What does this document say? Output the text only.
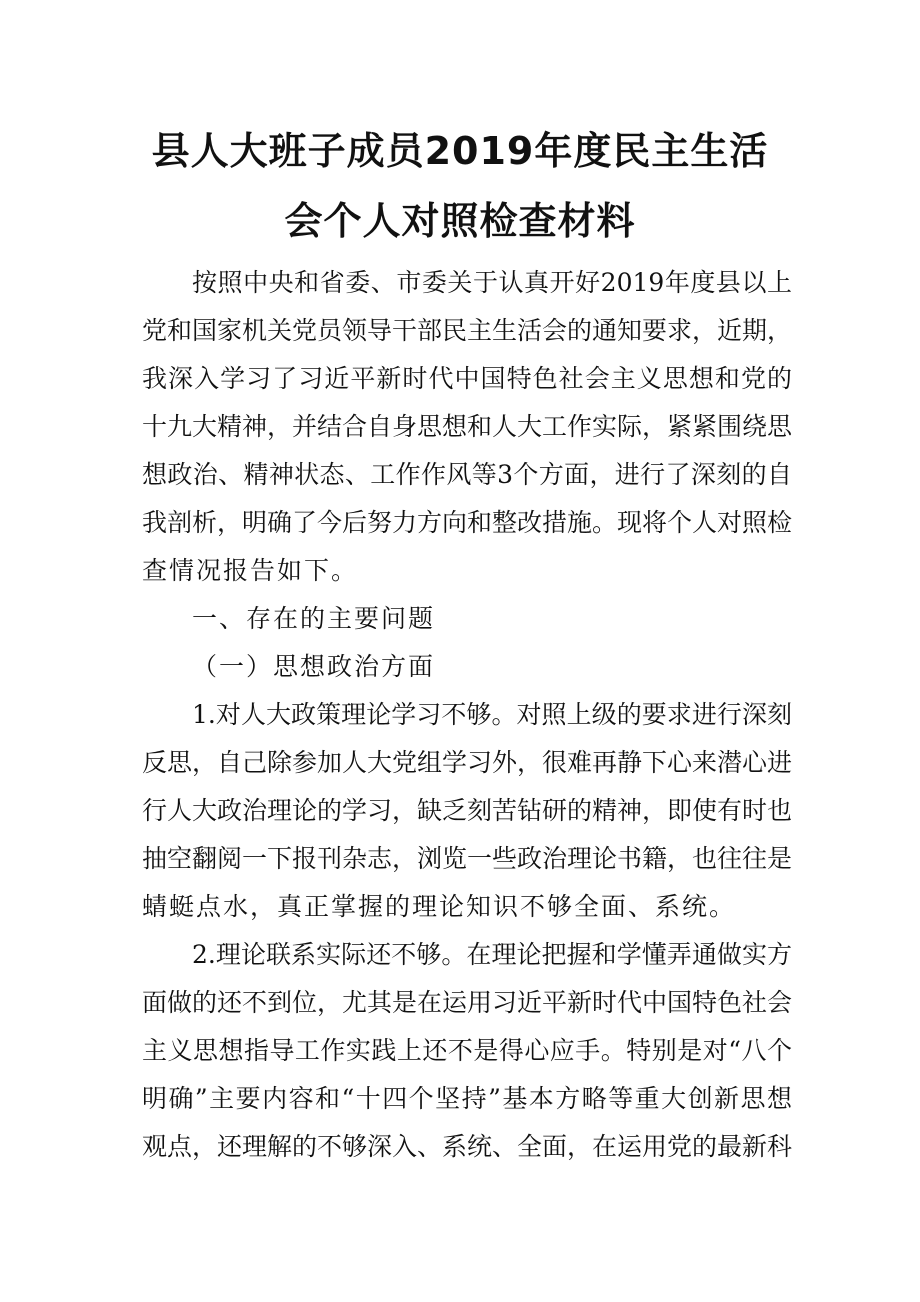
县人大班子成员2019年度民主生活
会个人对照检查材料
按照中央和省委、市委关于认真开好2019年度县以上
党和国家机关党员领导干部民主生活会的通知要求，近期，
我深入学习了习近平新时代中国特色社会主义思想和党的
十九大精神，并结合自身思想和人大工作实际，紧紧围绕思
想政治、精神状态、工作作风等3个方面，进行了深刻的自
我剖析，明确了今后努力方向和整改措施。现将个人对照检
查情况报告如下。
一、存在的主要问题
（一）思想政治方面
1.对人大政策理论学习不够。对照上级的要求进行深刻
反思，自己除参加人大党组学习外，很难再静下心来潜心进
行人大政治理论的学习，缺乏刻苦钻研的精神，即使有时也
抽空翻阅一下报刊杂志，浏览一些政治理论书籍，也往往是
蜻蜓点水，真正掌握的理论知识不够全面、系统。
2.理论联系实际还不够。在理论把握和学懂弄通做实方
面做的还不到位，尤其是在运用习近平新时代中国特色社会
主义思想指导工作实践上还不是得心应手。特别是对“八个
明确”主要内容和“十四个坚持”基本方略等重大创新思想
观点，还理解的不够深入、系统、全面，在运用党的最新科
